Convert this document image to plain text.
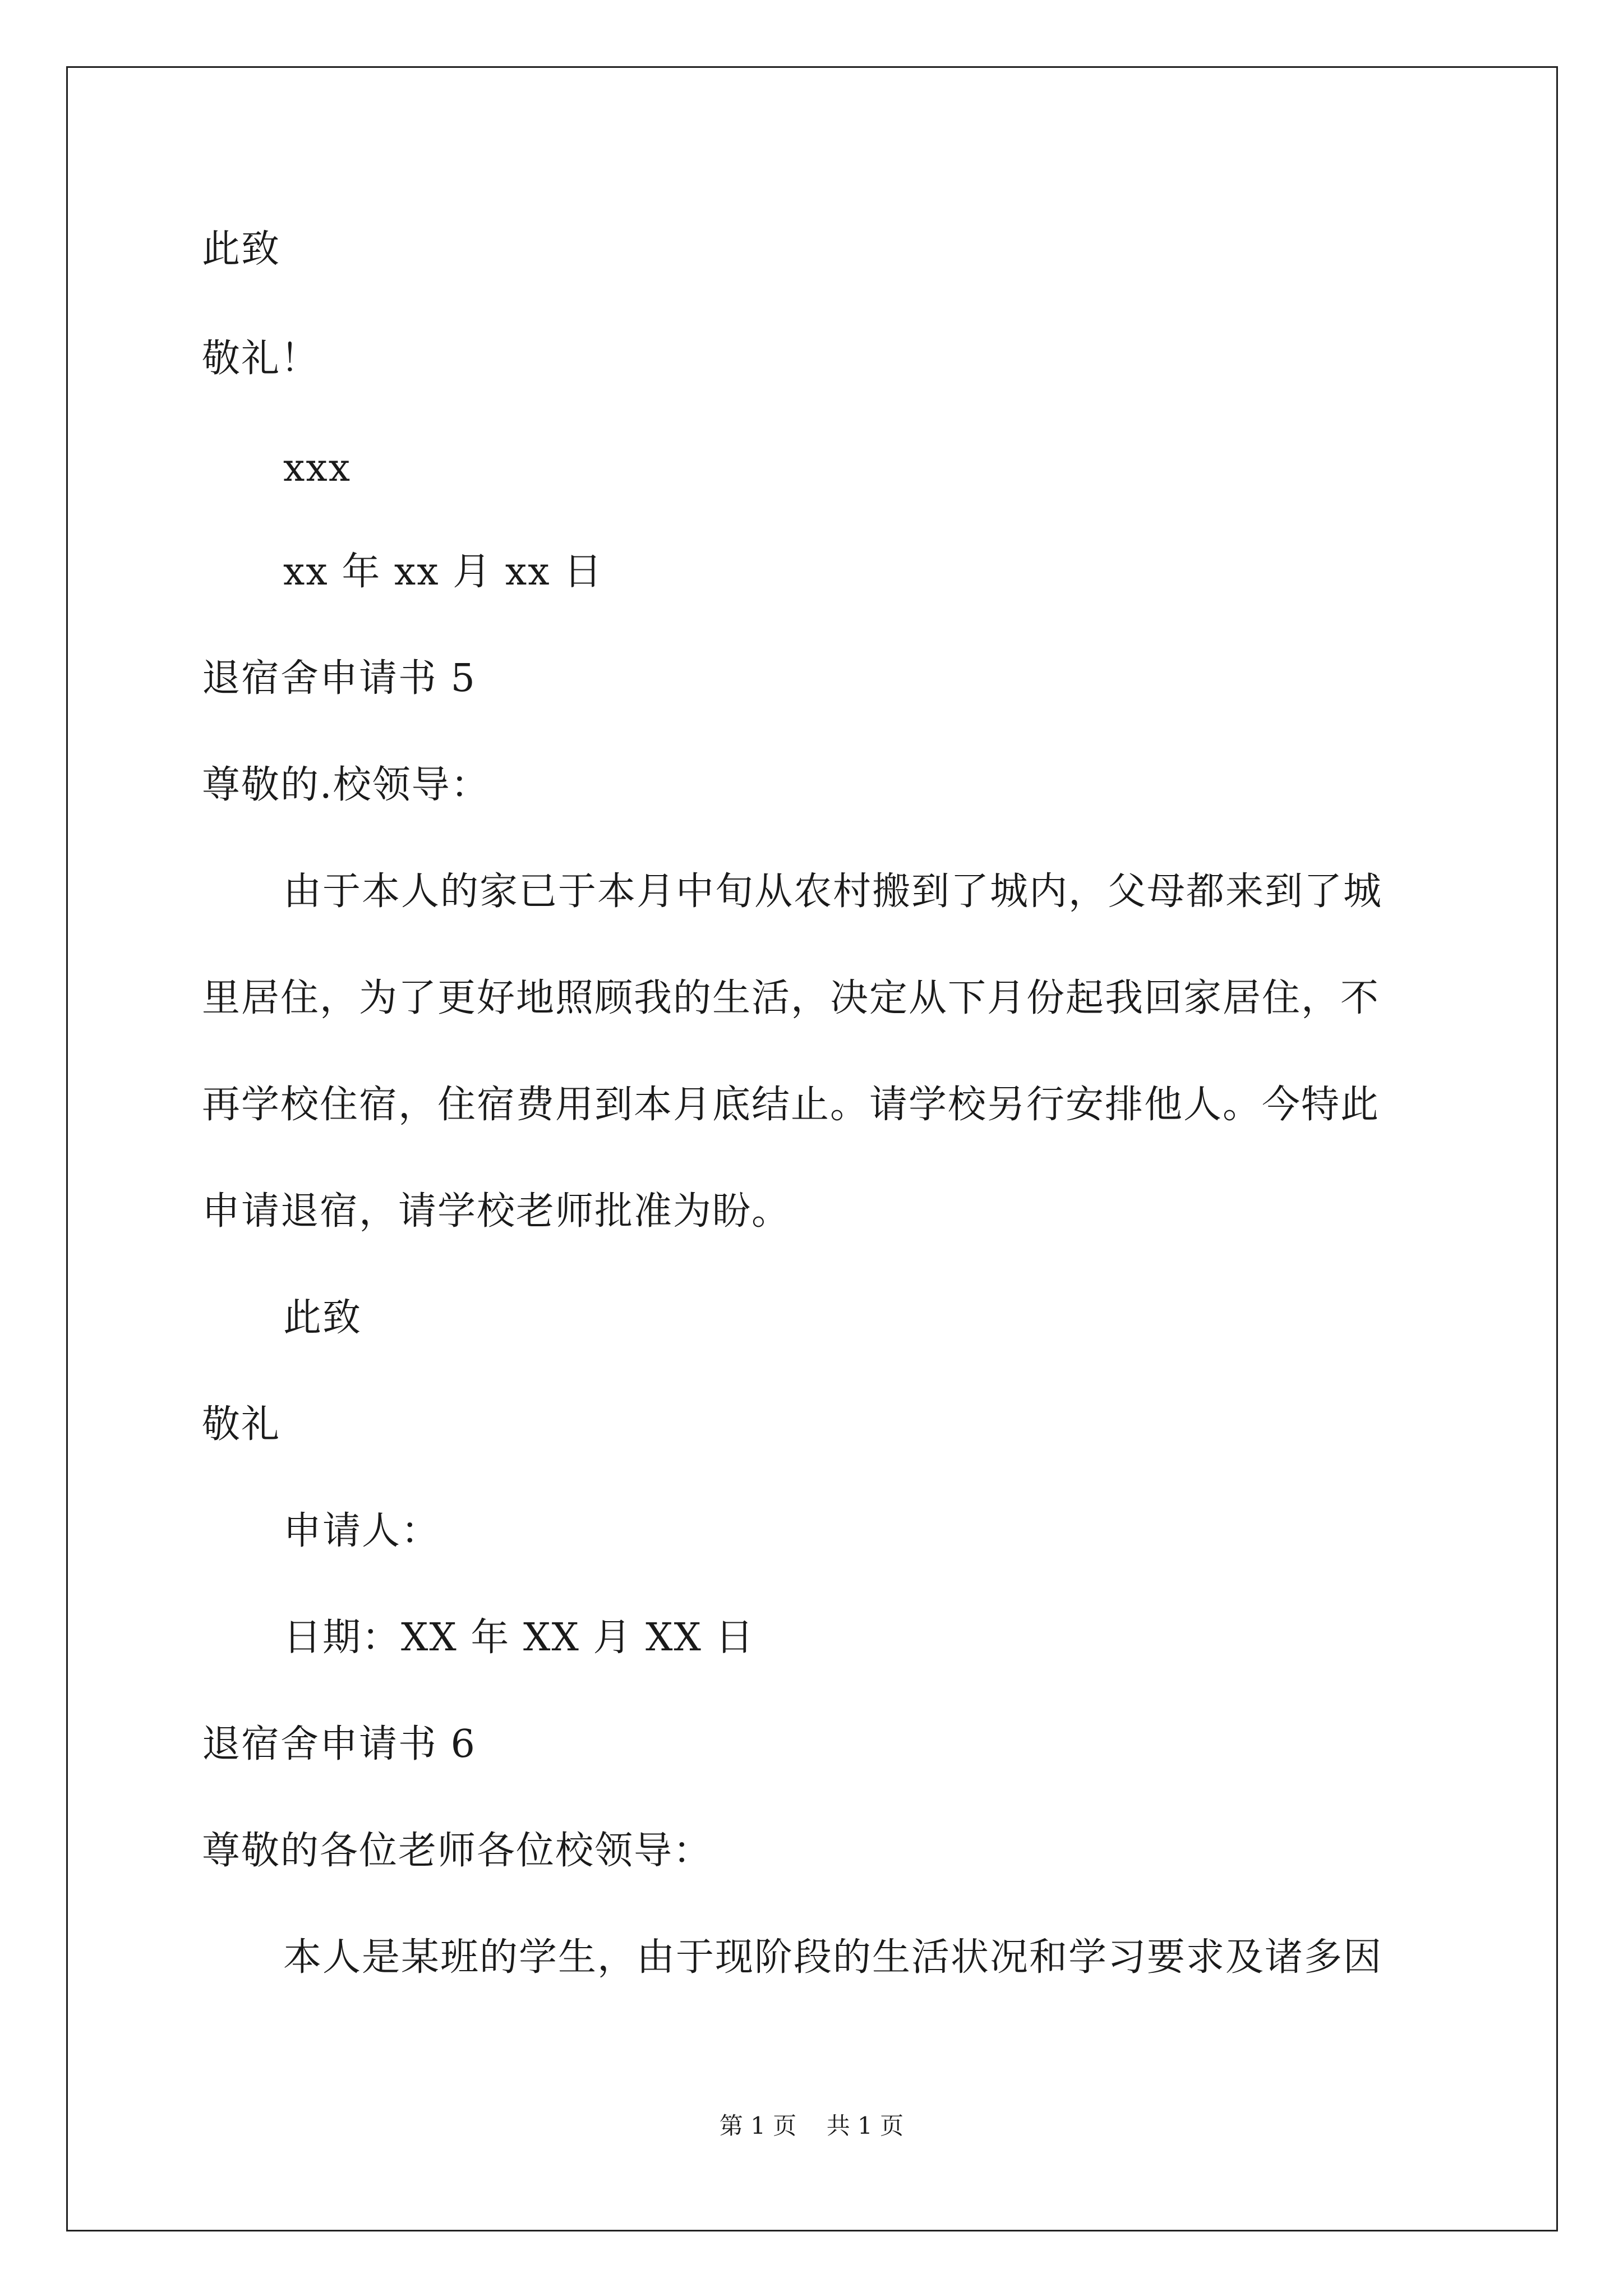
此致
敬礼！
xxx
xx 年 xx 月 xx 日
退宿舍申请书 5
尊敬的.校领导：
由于本人的家已于本月中旬从农村搬到了城内，父母都来到了城
里居住，为了更好地照顾我的生活，决定从下月份起我回家居住，不
再学校住宿，住宿费用到本月底结止。请学校另行安排他人。今特此
申请退宿，请学校老师批准为盼。
此致
敬礼
申请人：
日期：XX 年 XX 月 XX 日
退宿舍申请书 6
尊敬的各位老师各位校领导：
本人是某班的学生，由于现阶段的生活状况和学习要求及诸多因
第 1 页    共 1 页
